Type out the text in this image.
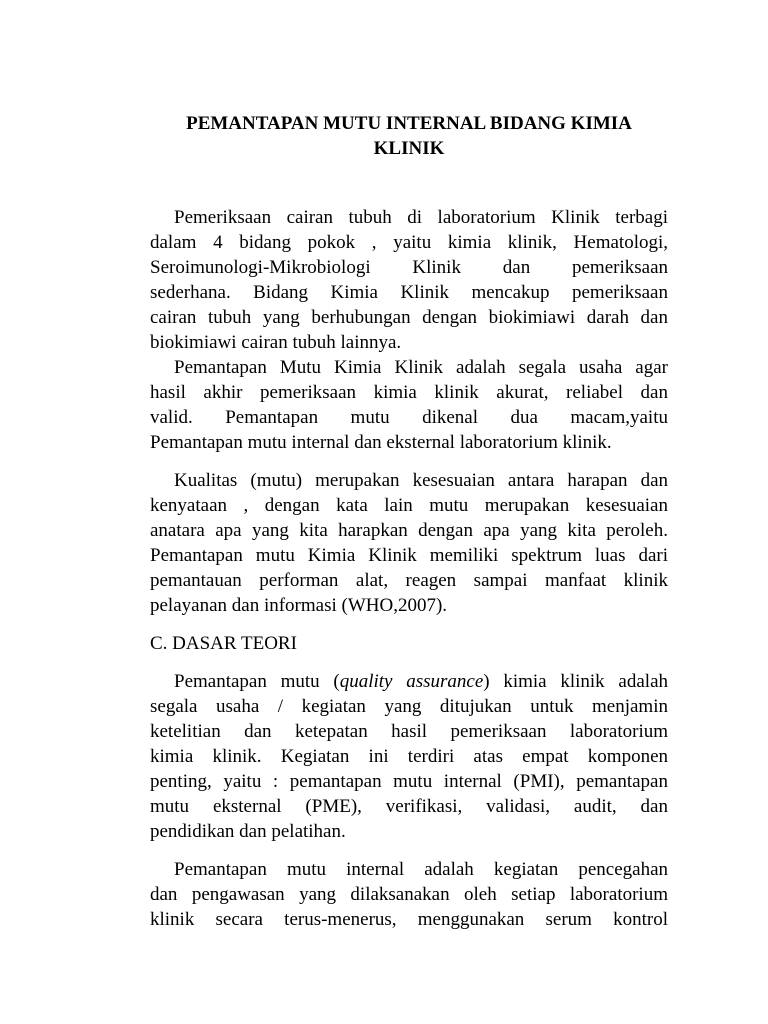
PEMANTAPAN MUTU INTERNAL BIDANG KIMIA
KLINIK

Pemeriksaan cairan tubuh di laboratorium Klinik terbagi
dalam 4 bidang pokok , yaitu kimia klinik, Hematologi,
Seroimunologi-Mikrobiologi Klinik dan pemeriksaan
sederhana. Bidang Kimia Klinik mencakup pemeriksaan
cairan tubuh yang berhubungan dengan biokimiawi darah dan
biokimiawi cairan tubuh lainnya.

Pemantapan Mutu Kimia Klinik adalah segala usaha agar
hasil akhir pemeriksaan kimia klinik akurat, reliabel dan
valid. Pemantapan mutu dikenal dua macam,yaitu
Pemantapan mutu internal dan eksternal laboratorium klinik.

Kualitas (mutu) merupakan kesesuaian antara harapan dan
kenyataan , dengan kata lain mutu merupakan kesesuaian
anatara apa yang kita harapkan dengan apa yang kita peroleh.
Pemantapan mutu Kimia Klinik memiliki spektrum luas dari
pemantauan performan alat, reagen sampai manfaat klinik
pelayanan dan informasi (WHO,2007).

C. DASAR TEORI

Pemantapan mutu (quality assurance) kimia klinik adalah
segala usaha / kegiatan yang ditujukan untuk menjamin
ketelitian dan ketepatan hasil pemeriksaan laboratorium
kimia klinik. Kegiatan ini terdiri atas empat komponen
penting, yaitu : pemantapan mutu internal (PMI), pemantapan
mutu eksternal (PME), verifikasi, validasi, audit, dan
pendidikan dan pelatihan.

Pemantapan mutu internal adalah kegiatan pencegahan
dan pengawasan yang dilaksanakan oleh setiap laboratorium
klinik secara terus-menerus, menggunakan serum kontrol
